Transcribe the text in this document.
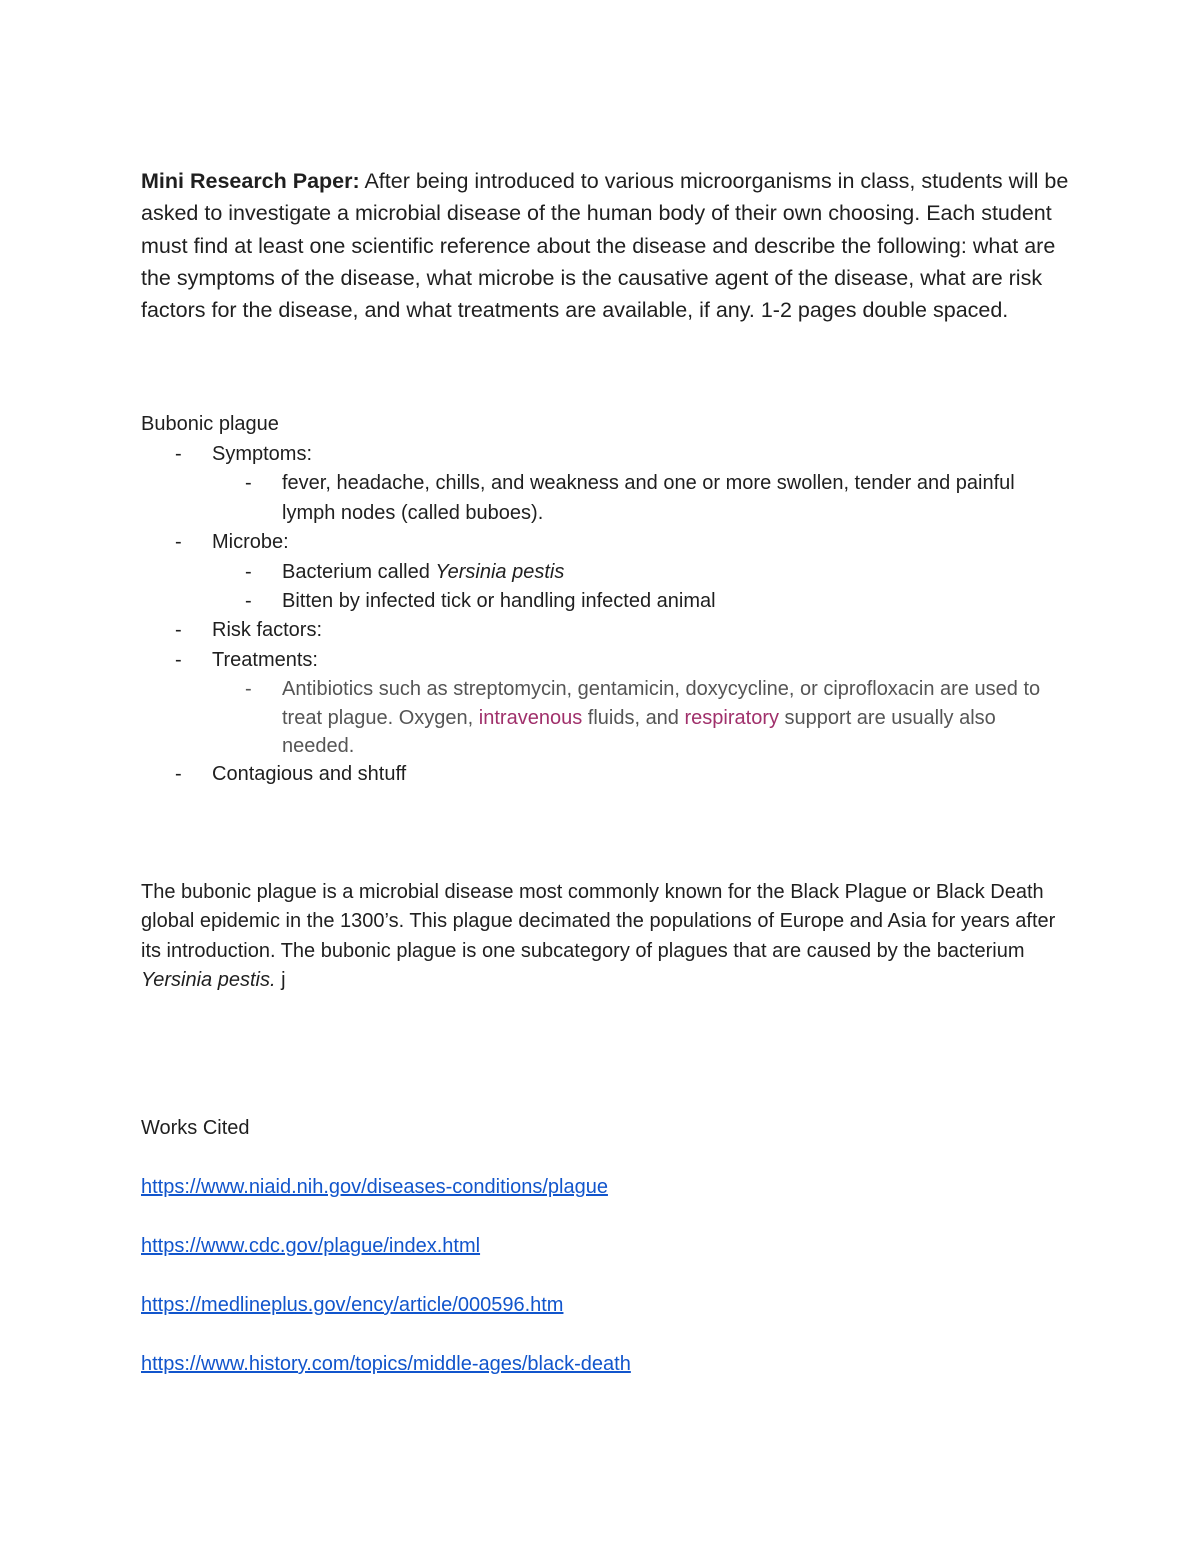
Mini Research Paper: After being introduced to various microorganisms in class, students will be asked to investigate a microbial disease of the human body of their own choosing. Each student must find at least one scientific reference about the disease and describe the following: what are the symptoms of the disease, what microbe is the causative agent of the disease, what are risk factors for the disease, and what treatments are available, if any. 1-2 pages double spaced.

Bubonic plague

- Symptoms:
- fever, headache, chills, and weakness and one or more swollen, tender and painful lymph nodes (called buboes).
- Microbe:
- Bacterium called Yersinia pestis
- Bitten by infected tick or handling infected animal
- Risk factors:
- Treatments:
- Antibiotics such as streptomycin, gentamicin, doxycycline, or ciprofloxacin are used to treat plague. Oxygen, intravenous fluids, and respiratory support are usually also needed.
- Contagious and shtuff

The bubonic plague is a microbial disease most commonly known for the Black Plague or Black Death global epidemic in the 1300’s. This plague decimated the populations of Europe and Asia for years after its introduction. The bubonic plague is one subcategory of plagues that are caused by the bacterium Yersinia pestis. j

Works Cited

https://www.niaid.nih.gov/diseases-conditions/plague
https://www.cdc.gov/plague/index.html
https://medlineplus.gov/ency/article/000596.htm
https://www.history.com/topics/middle-ages/black-death
